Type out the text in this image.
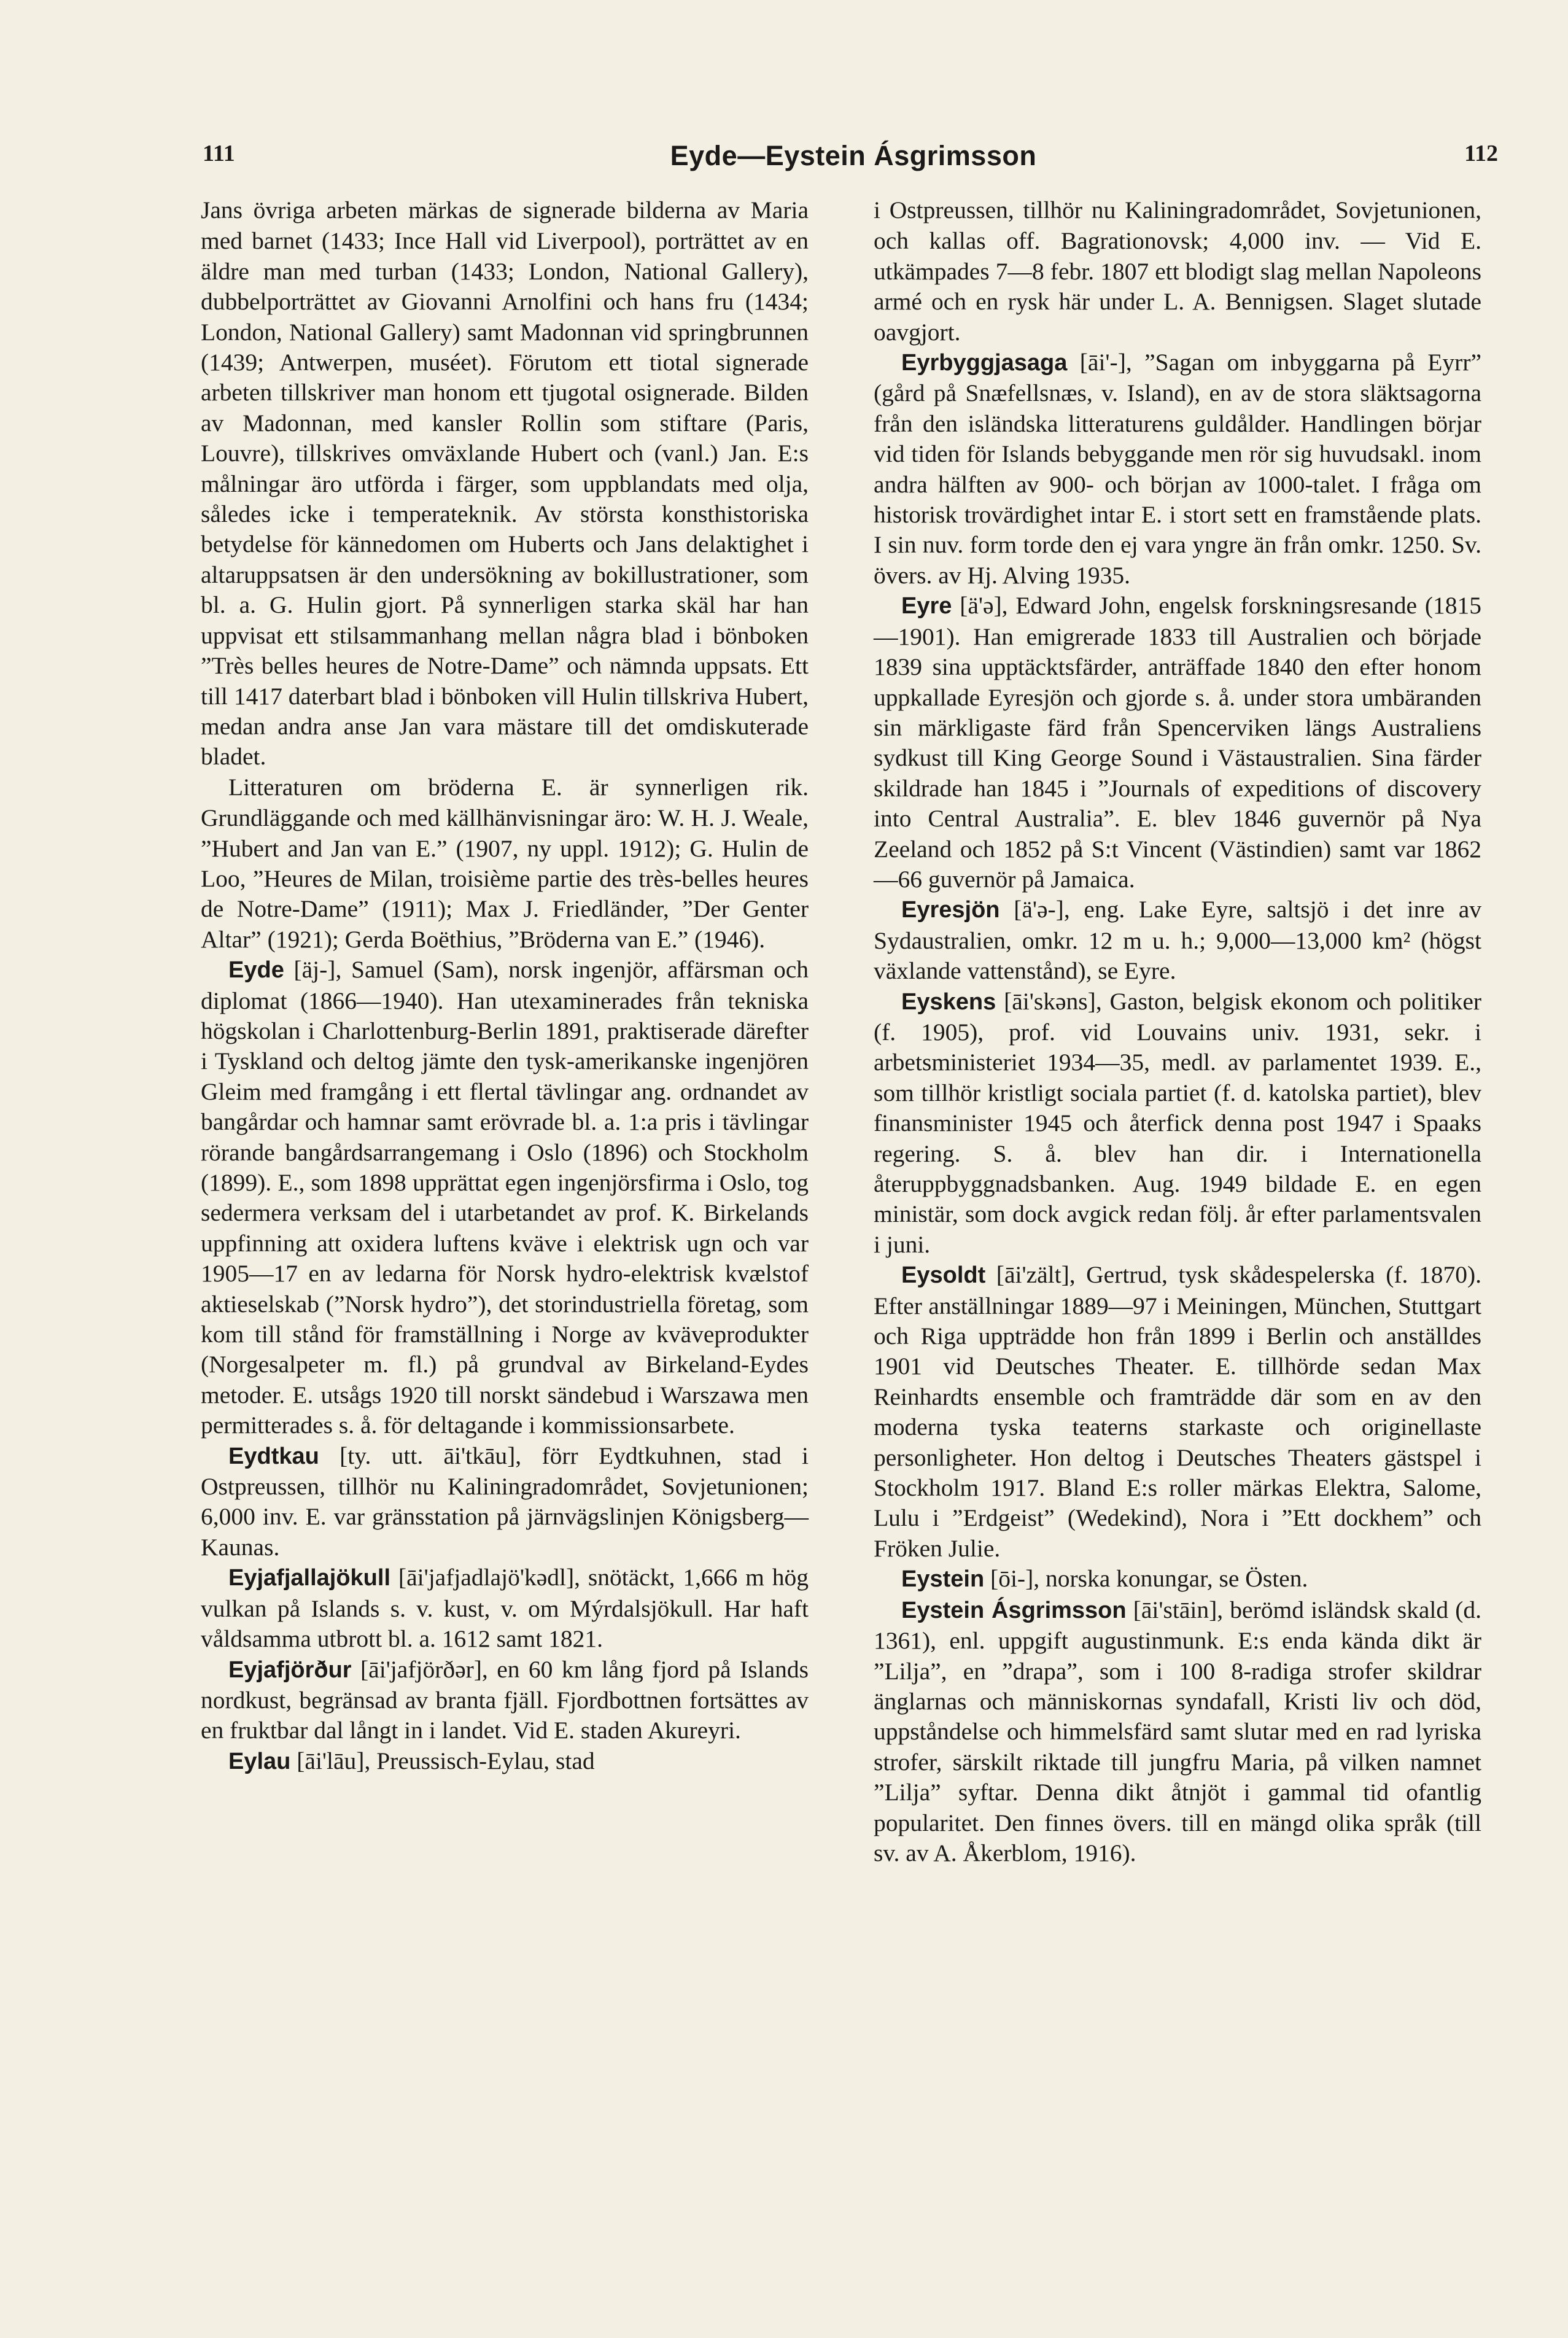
111	Eyde—Eystein Ásgrimsson	112

Jans övriga arbeten märkas de signerade bilderna av Maria med barnet (1433; Ince Hall vid Liverpool), porträttet av en äldre man med turban (1433; London, National Gallery), dubbelporträttet av Giovanni Arnolfini och hans fru (1434; London, National Gallery) samt Madonnan vid springbrunnen (1439; Antwerpen, muséet). Förutom ett tiotal signerade arbeten tillskriver man honom ett tjugotal osignerade. Bilden av Madonnan, med kansler Rollin som stiftare (Paris, Louvre), tillskrives omväxlande Hubert och (vanl.) Jan. E:s målningar äro utförda i färger, som uppblandats med olja, således icke i temperateknik. Av största konsthistoriska betydelse för kännedomen om Huberts och Jans delaktighet i altaruppsatsen är den undersökning av bokillustrationer, som bl. a. G. Hulin gjort. På synnerligen starka skäl har han uppvisat ett stilsammanhang mellan några blad i bönboken ”Très belles heures de Notre-Dame” och nämnda uppsats. Ett till 1417 daterbart blad i bönboken vill Hulin tillskriva Hubert, medan andra anse Jan vara mästare till det omdiskuterade bladet.

Litteraturen om bröderna E. är synnerligen rik. Grundläggande och med källhänvisningar äro: W. H. J. Weale, ”Hubert and Jan van E.” (1907, ny uppl. 1912); G. Hulin de Loo, ”Heures de Milan, troisième partie des très-belles heures de Notre-Dame” (1911); Max J. Friedländer, ”Der Genter Altar” (1921); Gerda Boëthius, ”Bröderna van E.” (1946).

Eyde [äj-], Samuel (Sam), norsk ingenjör, affärsman och diplomat (1866—1940). Han utexaminerades från tekniska högskolan i Charlottenburg-Berlin 1891, praktiserade därefter i Tyskland och deltog jämte den tysk-amerikanske ingenjören Gleim med framgång i ett flertal tävlingar ang. ordnandet av bangårdar och hamnar samt erövrade bl. a. 1:a pris i tävlingar rörande bangårdsarrangemang i Oslo (1896) och Stockholm (1899). E., som 1898 upprättat egen ingenjörsfirma i Oslo, tog sedermera verksam del i utarbetandet av prof. K. Birkelands uppfinning att oxidera luftens kväve i elektrisk ugn och var 1905—17 en av ledarna för Norsk hydro-elektrisk kvælstof aktieselskab (”Norsk hydro”), det storindustriella företag, som kom till stånd för framställning i Norge av kväveprodukter (Norgesalpeter m. fl.) på grundval av Birkeland-Eydes metoder. E. utsågs 1920 till norskt sändebud i Warszawa men permitterades s. å. för deltagande i kommissionsarbete.

Eydtkau [ty. utt. āi'tkāu], förr Eydtkuhnen, stad i Ostpreussen, tillhör nu Kaliningradområdet, Sovjetunionen; 6,000 inv. E. var gränsstation på järnvägslinjen Königsberg—Kaunas.

Eyjafjallajökull [āi'jafjadlajö'kədl], snötäckt, 1,666 m hög vulkan på Islands s. v. kust, v. om Mýrdalsjökull. Har haft våldsamma utbrott bl. a. 1612 samt 1821.

Eyjafjörður [āi'jafjörðər], en 60 km lång fjord på Islands nordkust, begränsad av branta fjäll. Fjordbottnen fortsättes av en fruktbar dal långt in i landet. Vid E. staden Akureyri.

Eylau [āi'lāu], Preussisch-Eylau, stad

i Ostpreussen, tillhör nu Kaliningradområdet, Sovjetunionen, och kallas off. Bagrationovsk; 4,000 inv. — Vid E. utkämpades 7—8 febr. 1807 ett blodigt slag mellan Napoleons armé och en rysk här under L. A. Bennigsen. Slaget slutade oavgjort.

Eyrbyggjasaga [āi'-], ”Sagan om inbyggarna på Eyrr” (gård på Snæfellsnæs, v. Island), en av de stora släktsagorna från den isländska litteraturens guldålder. Handlingen börjar vid tiden för Islands bebyggande men rör sig huvudsakl. inom andra hälften av 900- och början av 1000-talet. I fråga om historisk trovärdighet intar E. i stort sett en framstående plats. I sin nuv. form torde den ej vara yngre än från omkr. 1250. Sv. övers. av Hj. Alving 1935.

Eyre [ä'ə], Edward John, engelsk forskningsresande (1815—1901). Han emigrerade 1833 till Australien och började 1839 sina upptäcktsfärder, anträffade 1840 den efter honom uppkallade Eyresjön och gjorde s. å. under stora umbäranden sin märkligaste färd från Spencerviken längs Australiens sydkust till King George Sound i Västaustralien. Sina färder skildrade han 1845 i ”Journals of expeditions of discovery into Central Australia”. E. blev 1846 guvernör på Nya Zeeland och 1852 på S:t Vincent (Västindien) samt var 1862—66 guvernör på Jamaica.

Eyresjön [ä'ə-], eng. Lake Eyre, saltsjö i det inre av Sydaustralien, omkr. 12 m u. h.; 9,000—13,000 km² (högst växlande vattenstånd), se Eyre.

Eyskens [āi'skəns], Gaston, belgisk ekonom och politiker (f. 1905), prof. vid Louvains univ. 1931, sekr. i arbetsministeriet 1934—35, medl. av parlamentet 1939. E., som tillhör kristligt sociala partiet (f. d. katolska partiet), blev finansminister 1945 och återfick denna post 1947 i Spaaks regering. S. å. blev han dir. i Internationella återuppbyggnadsbanken. Aug. 1949 bildade E. en egen ministär, som dock avgick redan följ. år efter parlamentsvalen i juni.

Eysoldt [āi'zält], Gertrud, tysk skådespelerska (f. 1870). Efter anställningar 1889—97 i Meiningen, München, Stuttgart och Riga uppträdde hon från 1899 i Berlin och anställdes 1901 vid Deutsches Theater. E. tillhörde sedan Max Reinhardts ensemble och framträdde där som en av den moderna tyska teaterns starkaste och originellaste personligheter. Hon deltog i Deutsches Theaters gästspel i Stockholm 1917. Bland E:s roller märkas Elektra, Salome, Lulu i ”Erdgeist” (Wedekind), Nora i ”Ett dockhem” och Fröken Julie.

Eystein [ōi-], norska konungar, se Östen.

Eystein Ásgrimsson [āi'stāin], berömd isländsk skald (d. 1361), enl. uppgift augustinmunk. E:s enda kända dikt är ”Lilja”, en ”drapa”, som i 100 8-radiga strofer skildrar änglarnas och människornas syndafall, Kristi liv och död, uppståndelse och himmelsfärd samt slutar med en rad lyriska strofer, särskilt riktade till jungfru Maria, på vilken namnet ”Lilja” syftar. Denna dikt åtnjöt i gammal tid ofantlig popularitet. Den finnes övers. till en mängd olika språk (till sv. av A. Åkerblom, 1916).
